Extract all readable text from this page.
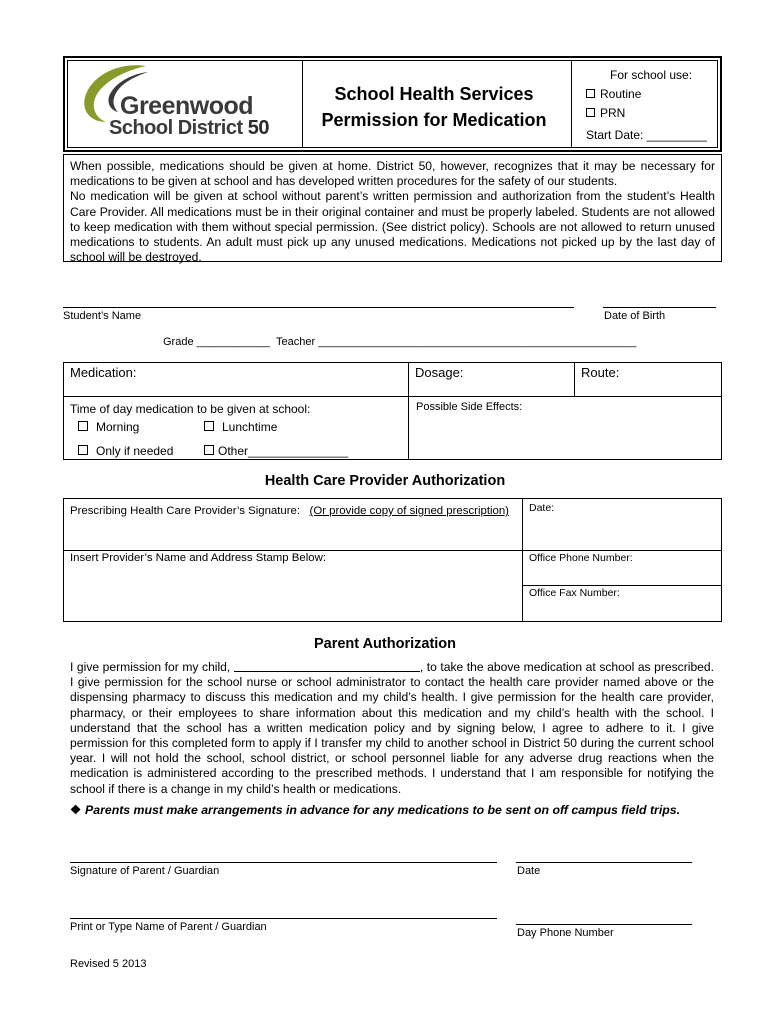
Greenwood
School District 50
School Health Services
Permission for Medication
For school use:
Routine
PRN
Start Date: _________

When possible, medications should be given at home. District 50, however, recognizes that it may be necessary for medications to be given at school and has developed written procedures for the safety of our students.

No medication will be given at school without parent’s written permission and authorization from the student’s Health Care Provider. All medications must be in their original container and must be properly labeled. Students are not allowed to keep medication with them without special permission. (See district policy). Schools are not allowed to return unused medications to students. An adult must pick up any unused medications. Medications not picked up by the last day of school will be destroyed.

Student’s Name	Date of Birth
Grade ____________ Teacher ____________________________________________________
Medication:	Dosage:	Route:
Time of day medication to be given at school:	Possible Side Effects:
Morning	Lunchtime
Only if needed	Other_______________
Health Care Provider Authorization
Prescribing Health Care Provider’s Signature: (Or provide copy of signed prescription) Date:
Insert Provider’s Name and Address Stamp Below:	Office Phone Number:
Office Fax Number:
Parent Authorization

I give permission for my child,	, to take the above medication at school as prescribed. I give permission for the school nurse or school administrator to contact the health care provider named above or the dispensing pharmacy to discuss this medication and my child’s health. I give permission for the health care provider, pharmacy, or their employees to share information about this medication and my child’s health with the school. I understand that the school has a written medication policy and by signing below, I agree to adhere to it. I give permission for this completed form to apply if I transfer my child to another school in District 50 during the current school year. I will not hold the school, school district, or school personnel liable for any adverse drug reactions when the medication is administered according to the prescribed methods. I understand that I am responsible for notifying the school if there is a change in my child’s health or medications.

❖ Parents must make arrangements in advance for any medications to be sent on off campus field trips.
Signature of Parent / Guardian	Date
Print or Type Name of Parent / Guardian	Day Phone Number
Revised 5 2013
